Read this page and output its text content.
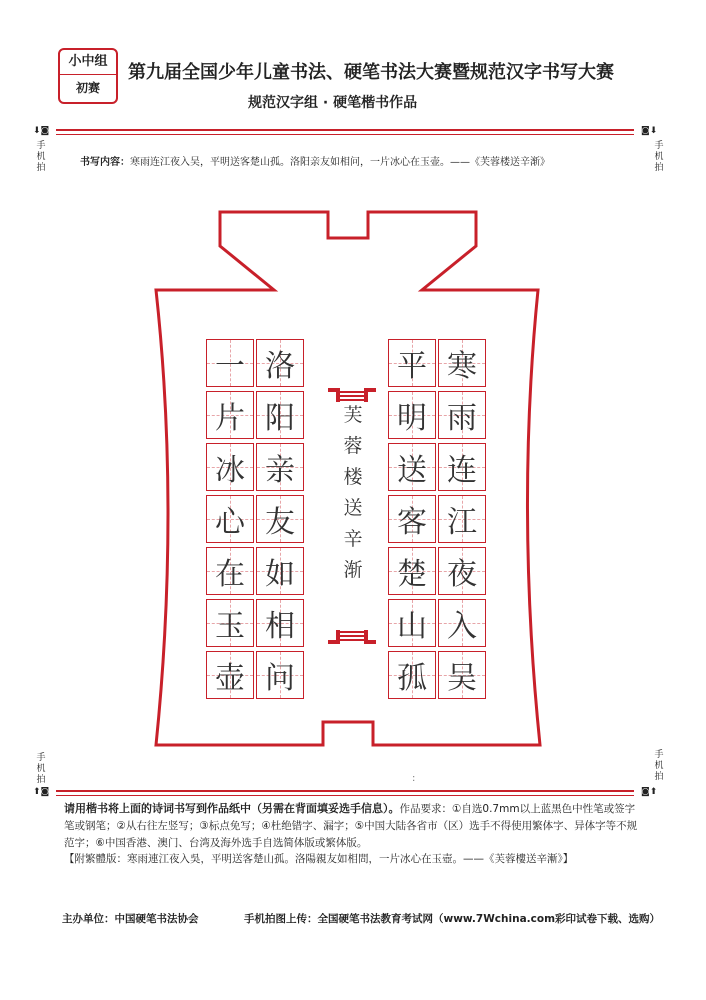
小中组
初赛
第九届全国少年儿童书法、硬笔书法大赛暨规范汉字书写大赛
规范汉字组 · 硬笔楷书作品
⬇◙
手
机
拍
◙⬇
手
机
拍
书写内容：寒雨连江夜入吴，平明送客楚山孤。洛阳亲友如相问，一片冰心在玉壶。——《芙蓉楼送辛渐》
寒
雨
连
江
夜
入
吴
平
明
送
客
楚
山
孤
洛
阳
亲
友
如
相
问
一
片
冰
心
在
玉
壶
芙
蓉
楼
送
辛
渐
:
手
机
拍
⬆◙
手
机
拍
◙⬆
请用楷书将上面的诗词书写到作品纸中（另需在背面填妥选手信息）。作品要求：①自选0.7mm以上蓝黑色中性笔或签字笔或钢笔；②从右往左竖写；③标点免写；④杜绝错字、漏字；⑤中国大陆各省市（区）选手不得使用繁体字、异体字等不规范字；⑥中国香港、澳门、台湾及海外选手自选简体版或繁体版。
【附繁體版：寒雨連江夜入吳，平明送客楚山孤。洛陽親友如相問，一片冰心在玉壺。——《芙蓉樓送辛漸》】
主办单位：中国硬笔书法协会	手机拍图上传：全国硬笔书法教育考试网（www.7Wchina.com彩印试卷下载、选购）
